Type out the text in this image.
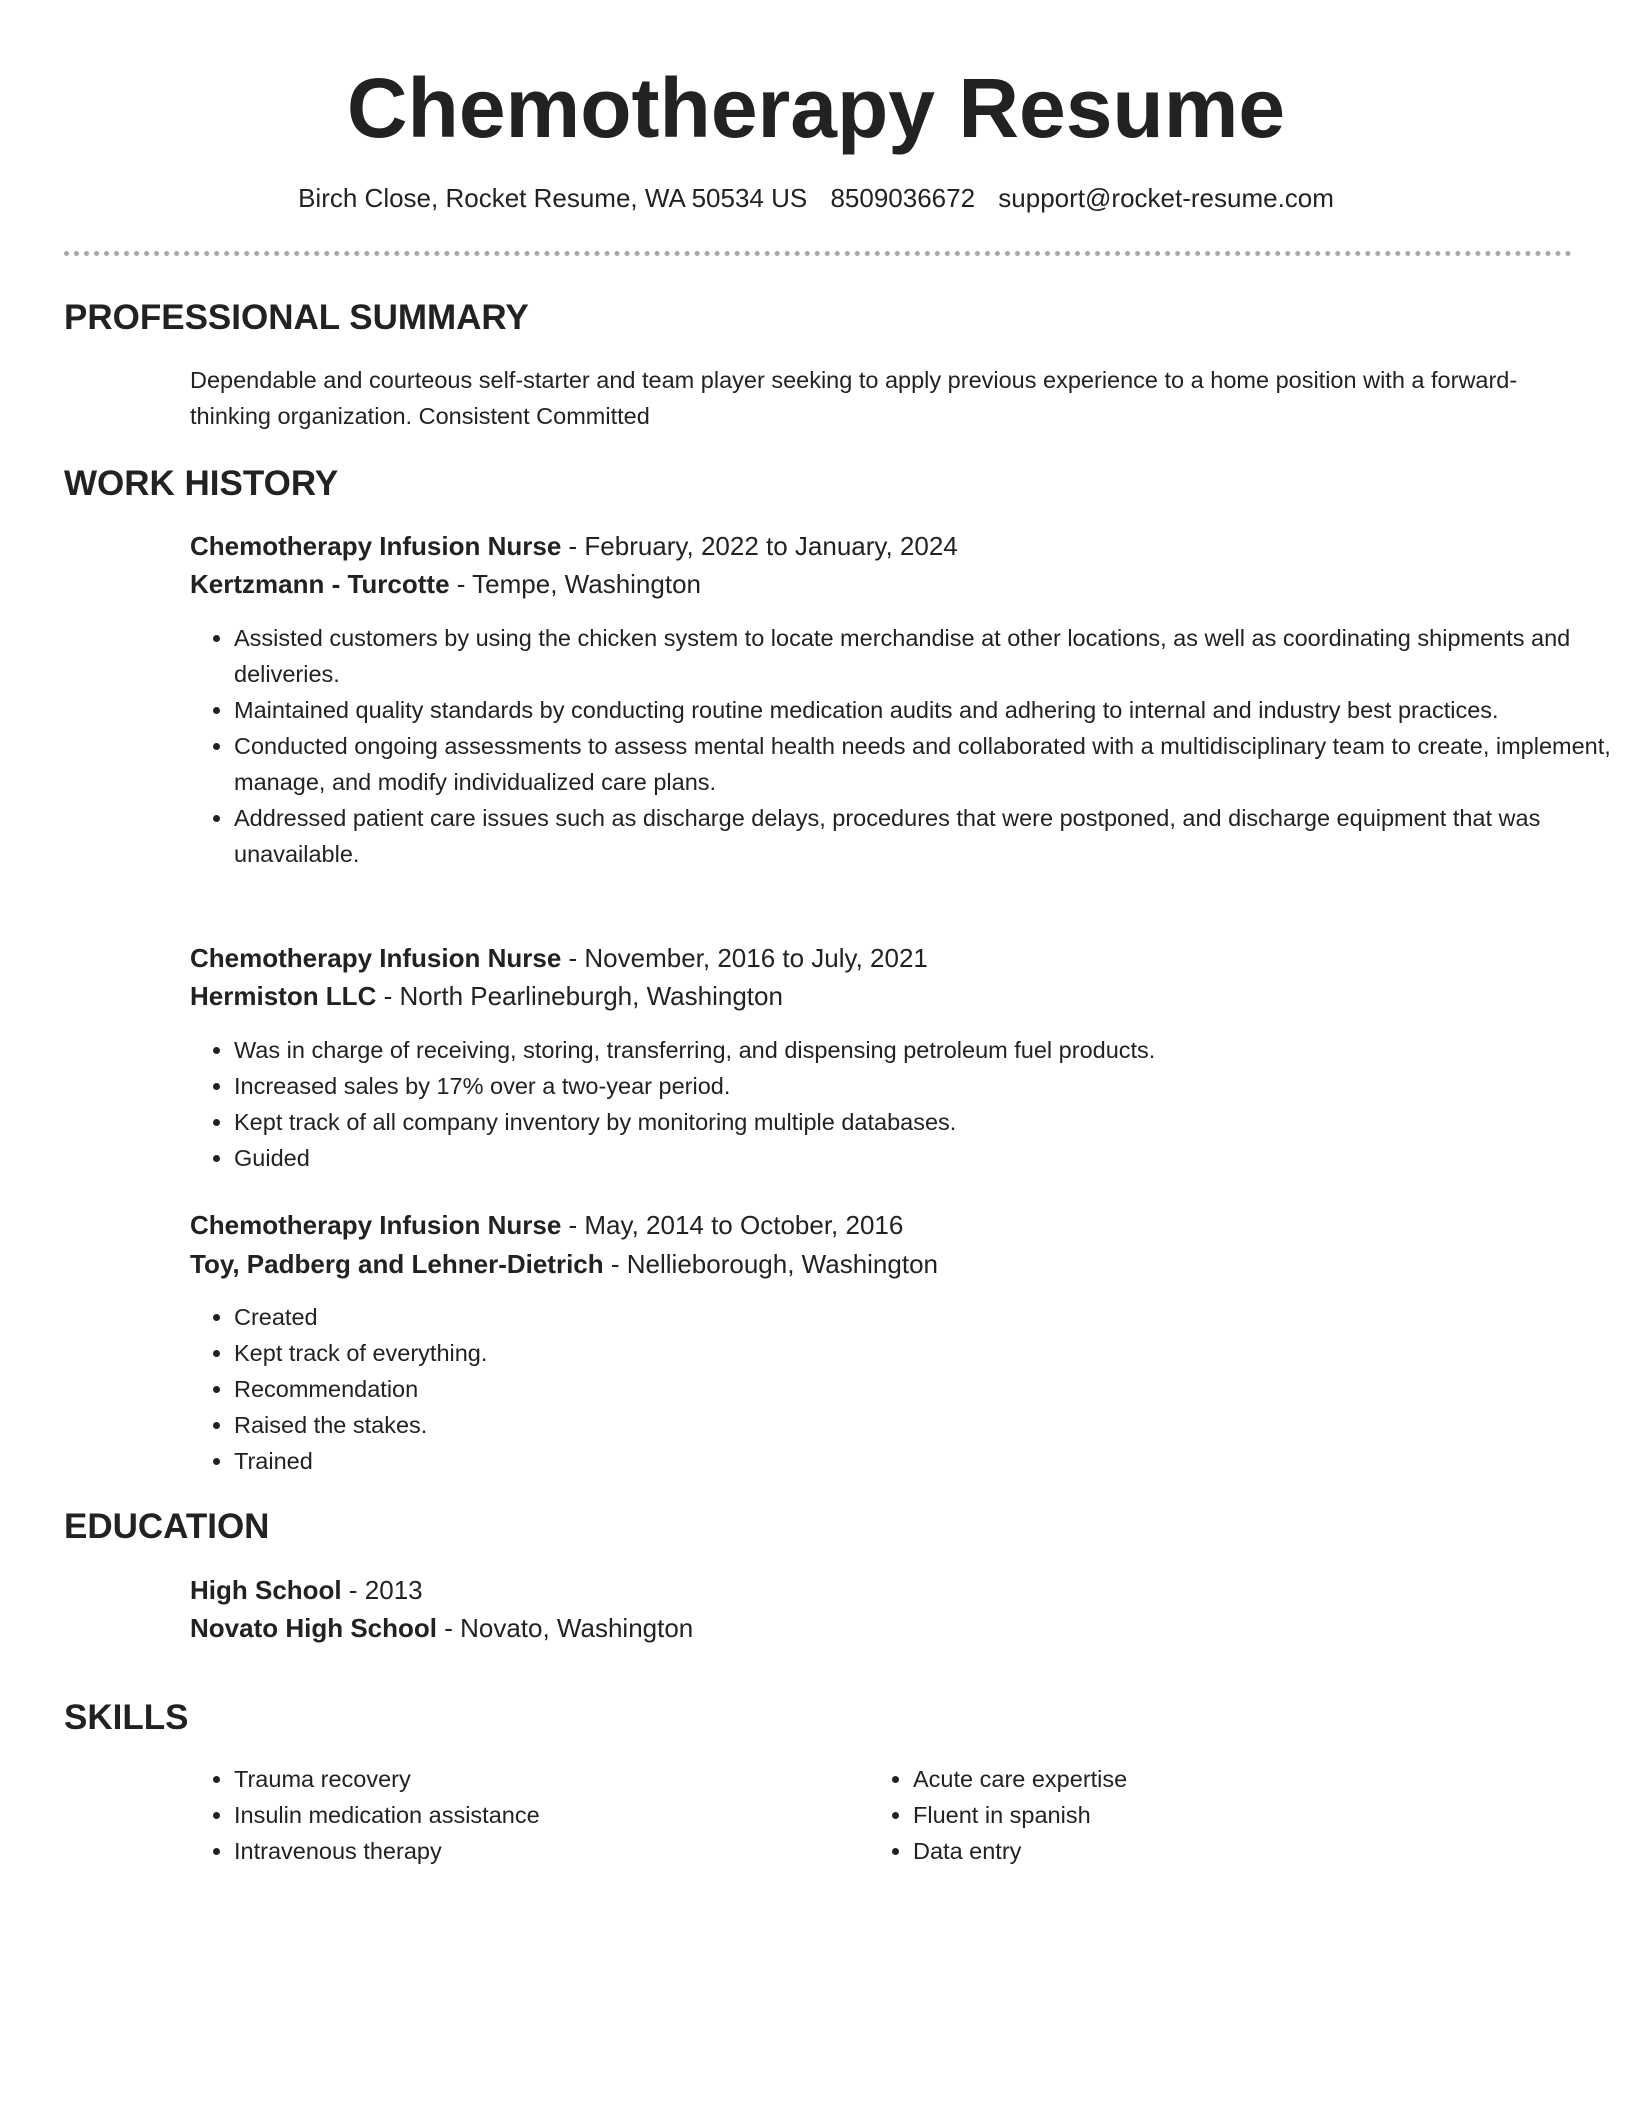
Chemotherapy Resume
Birch Close, Rocket Resume, WA 50534 US 8509036672 support@rocket-resume.com
PROFESSIONAL SUMMARY
Dependable and courteous self-starter and team player seeking to apply previous experience to a home position with a forward-thinking organization. Consistent Committed
WORK HISTORY
Chemotherapy Infusion Nurse - February, 2022 to January, 2024
Kertzmann - Turcotte - Tempe, Washington
• Assisted customers by using the chicken system to locate merchandise at other locations, as well as coordinating shipments and deliveries.
• Maintained quality standards by conducting routine medication audits and adhering to internal and industry best practices.
• Conducted ongoing assessments to assess mental health needs and collaborated with a multidisciplinary team to create, implement, manage, and modify individualized care plans.
• Addressed patient care issues such as discharge delays, procedures that were postponed, and discharge equipment that was unavailable.
Chemotherapy Infusion Nurse - November, 2016 to July, 2021
Hermiston LLC - North Pearlineburgh, Washington
• Was in charge of receiving, storing, transferring, and dispensing petroleum fuel products.
• Increased sales by 17% over a two-year period.
• Kept track of all company inventory by monitoring multiple databases.
• Guided
Chemotherapy Infusion Nurse - May, 2014 to October, 2016
Toy, Padberg and Lehner-Dietrich - Nellieborough, Washington
• Created
• Kept track of everything.
• Recommendation
• Raised the stakes.
• Trained
EDUCATION
High School - 2013
Novato High School - Novato, Washington
SKILLS
• Trauma recovery
• Insulin medication assistance
• Intravenous therapy
• Acute care expertise
• Fluent in spanish
• Data entry
